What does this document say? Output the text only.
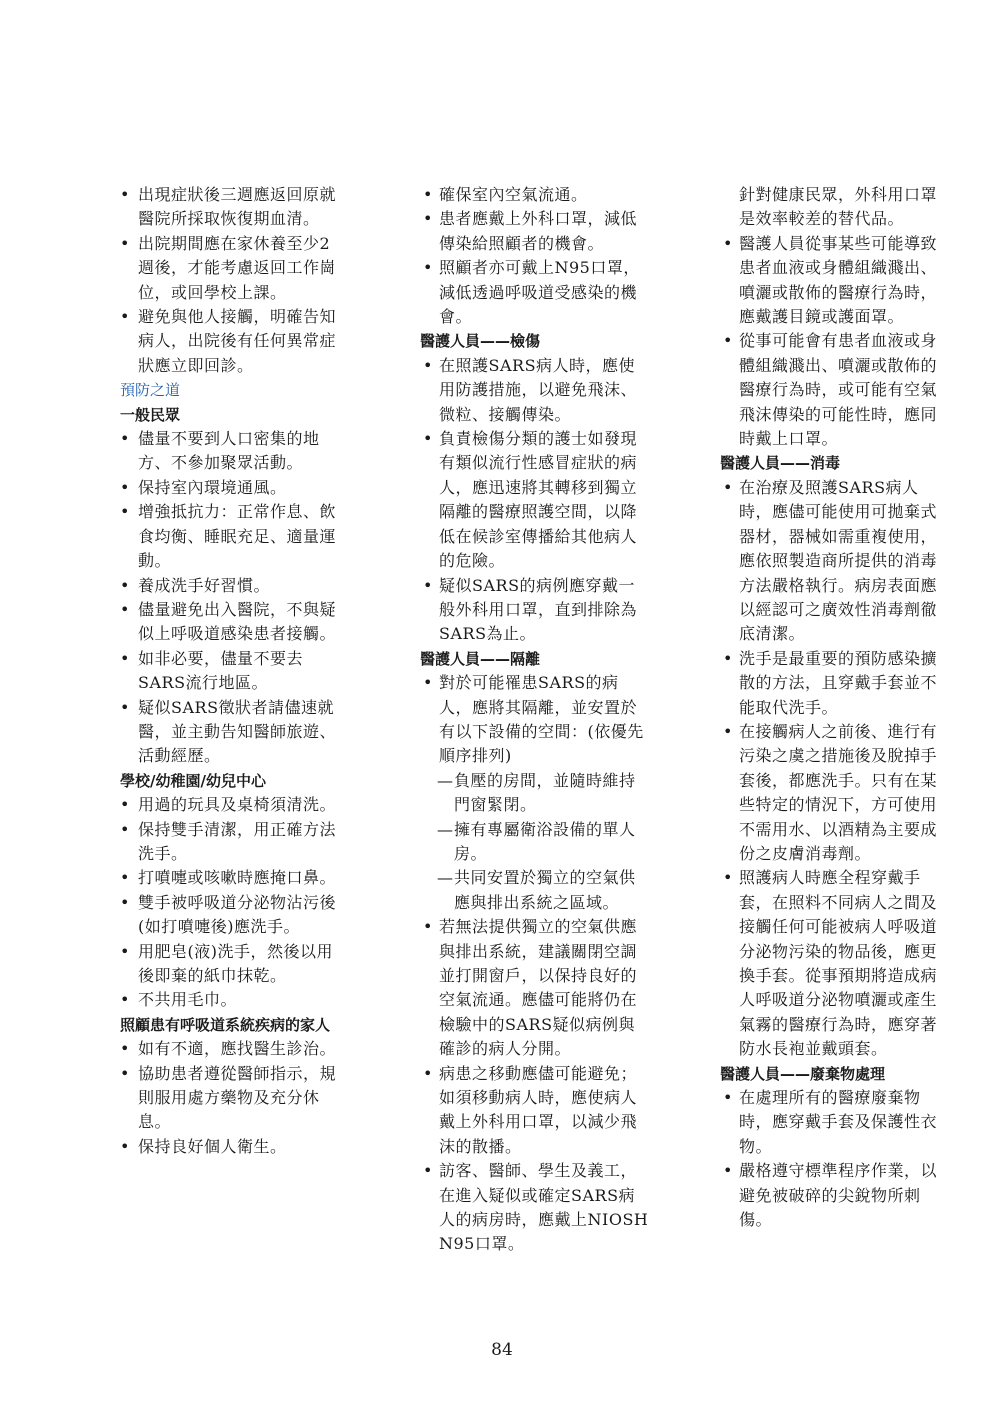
• 出現症狀後三週應返回原就醫院所採取恢復期血清。
• 出院期間應在家休養至少2週後，才能考慮返回工作崗位，或回學校上課。
• 避免與他人接觸，明確告知病人，出院後有任何異常症狀應立即回診。
預防之道
一般民眾
• 儘量不要到人口密集的地方、不參加聚眾活動。
• 保持室內環境通風。
• 增強抵抗力：正常作息、飲食均衡、睡眠充足、適量運動。
• 養成洗手好習慣。
• 儘量避免出入醫院，不與疑似上呼吸道感染患者接觸。
• 如非必要，儘量不要去SARS流行地區。
• 疑似SARS徵狀者請儘速就醫，並主動告知醫師旅遊、活動經歷。
學校/幼稚園/幼兒中心
• 用過的玩具及桌椅須清洗。
• 保持雙手清潔，用正確方法洗手。
• 打噴嚏或咳嗽時應掩口鼻。
• 雙手被呼吸道分泌物沾污後(如打噴嚏後)應洗手。
• 用肥皂(液)洗手，然後以用後即棄的紙巾抹乾。
• 不共用毛巾。
照顧患有呼吸道系統疾病的家人
• 如有不適，應找醫生診治。
• 協助患者遵從醫師指示，規則服用處方藥物及充分休息。
• 保持良好個人衛生。
• 確保室內空氣流通。
• 患者應戴上外科口罩，減低傳染給照顧者的機會。
• 照顧者亦可戴上N95口罩，減低透過呼吸道受感染的機會。
醫護人員——檢傷
• 在照護SARS病人時，應使用防護措施，以避免飛沫、微粒、接觸傳染。
• 負責檢傷分類的護士如發現有類似流行性感冒症狀的病人，應迅速將其轉移到獨立隔離的醫療照護空間，以降低在候診室傳播給其他病人的危險。
• 疑似SARS的病例應穿戴一般外科用口罩，直到排除為SARS為止。
醫護人員——隔離
• 對於可能罹患SARS的病人，應將其隔離，並安置於有以下設備的空間：(依優先順序排列)
— 負壓的房間，並隨時維持門窗緊閉。
— 擁有專屬衛浴設備的單人房。
— 共同安置於獨立的空氣供應與排出系統之區域。
• 若無法提供獨立的空氣供應與排出系統，建議關閉空調並打開窗戶，以保持良好的空氣流通。應儘可能將仍在檢驗中的SARS疑似病例與確診的病人分開。
• 病患之移動應儘可能避免；如須移動病人時，應使病人戴上外科用口罩，以減少飛沫的散播。
• 訪客、醫師、學生及義工，在進入疑似或確定SARS病人的病房時，應戴上NIOSH N95口罩。
針對健康民眾，外科用口罩是效率較差的替代品。
• 醫護人員從事某些可能導致患者血液或身體組織濺出、噴灑或散佈的醫療行為時，應戴護目鏡或護面罩。
• 從事可能會有患者血液或身體組織濺出、噴灑或散佈的醫療行為時，或可能有空氣飛沫傳染的可能性時，應同時戴上口罩。
醫護人員——消毒
• 在治療及照護SARS病人時，應儘可能使用可拋棄式器材，器械如需重複使用，應依照製造商所提供的消毒方法嚴格執行。病房表面應以經認可之廣效性消毒劑徹底清潔。
• 洗手是最重要的預防感染擴散的方法，且穿戴手套並不能取代洗手。
• 在接觸病人之前後、進行有污染之虞之措施後及脫掉手套後，都應洗手。只有在某些特定的情況下，方可使用不需用水、以酒精為主要成份之皮膚消毒劑。
• 照護病人時應全程穿戴手套，在照料不同病人之間及接觸任何可能被病人呼吸道分泌物污染的物品後，應更換手套。從事預期將造成病人呼吸道分泌物噴灑或產生氣霧的醫療行為時，應穿著防水長袍並戴頭套。
醫護人員——廢棄物處理
• 在處理所有的醫療廢棄物時，應穿戴手套及保護性衣物。
• 嚴格遵守標準程序作業，以避免被破碎的尖銳物所刺傷。
84
